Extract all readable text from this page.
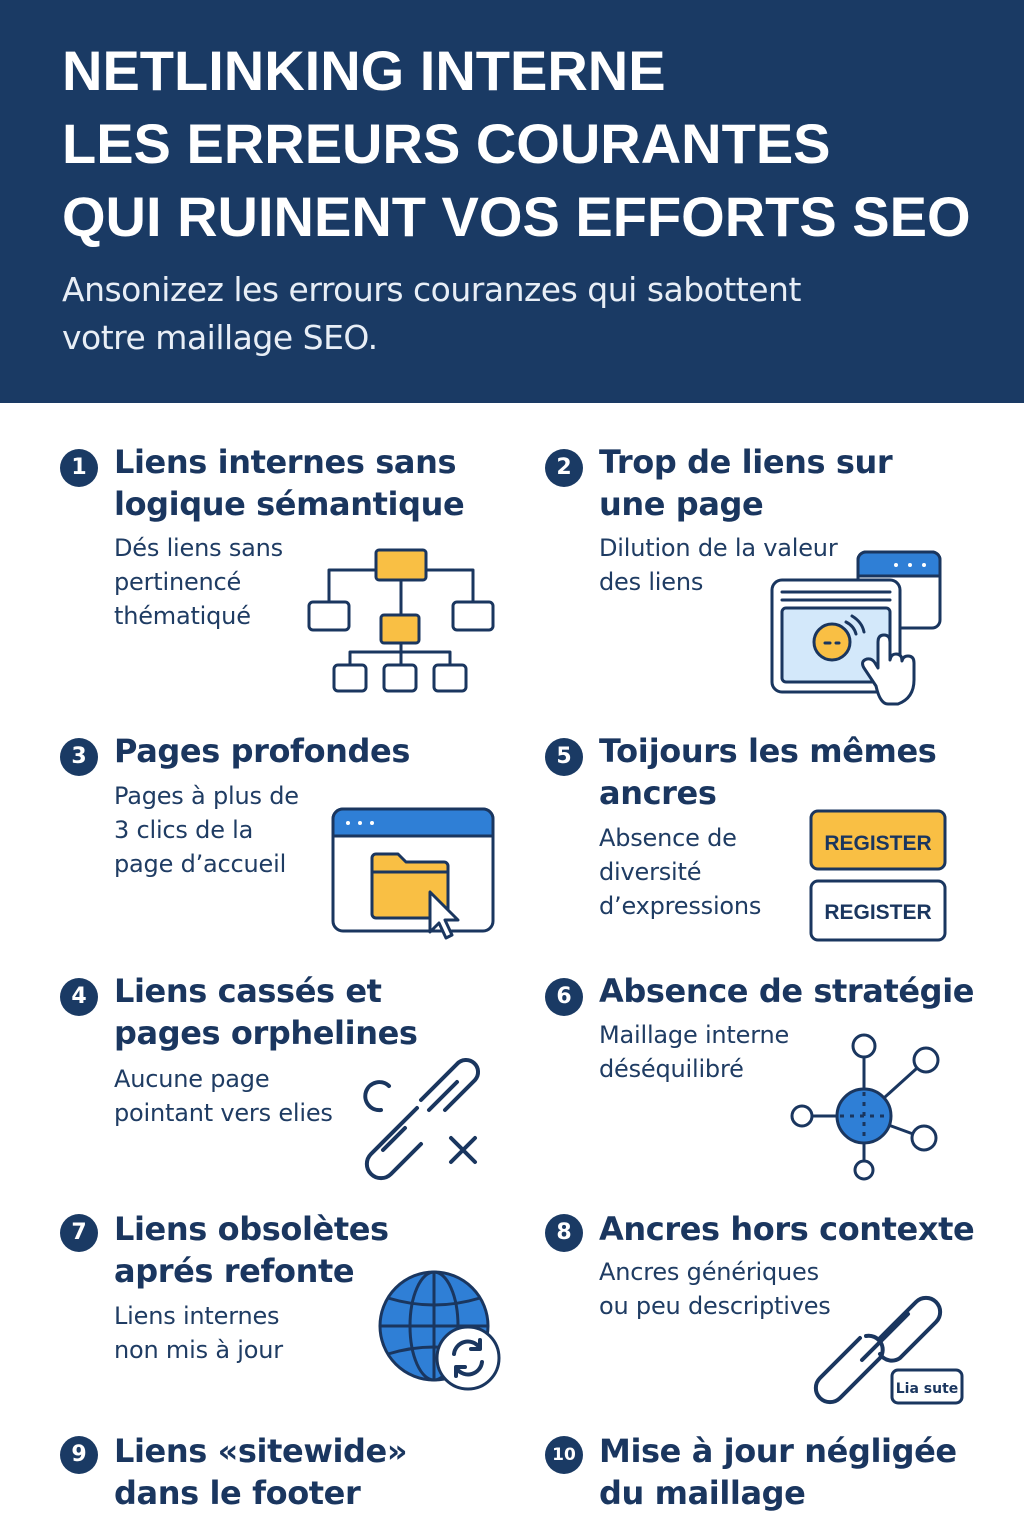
NETLINKING INTERNE
LES ERREURS COURANTES
QUI RUINENT VOS EFFORTS SEO
Ansonizez les errours couranzes qui sabottent
votre maillage SEO.
1 Liens internes sans
logique sémantique
Dés liens sans
pertinencé
thématiqué
2 Trop de liens sur
une page
Dilution de la valeur
des liens
3 Pages profondes
Pages à plus de
3 clics de la
page d’accueil
5 Toĳours les mêmes
ancres
Absence de
diversité
d’expressions
REGISTER
REGISTER
4 Liens cassés et
pages orphelines
Aucune page
pointant vers elies
6 Absence de stratégie
Maillage interne
déséquilibré
7 Liens obsolètes
aprés refonte
Liens internes
non mis à jour
8 Ancres hors contexte
Ancres génériques
ou peu descriptives
Lia sute
9 Liens «sitewide»
dans le footer
10 Mise à jour négligée
du maillage
